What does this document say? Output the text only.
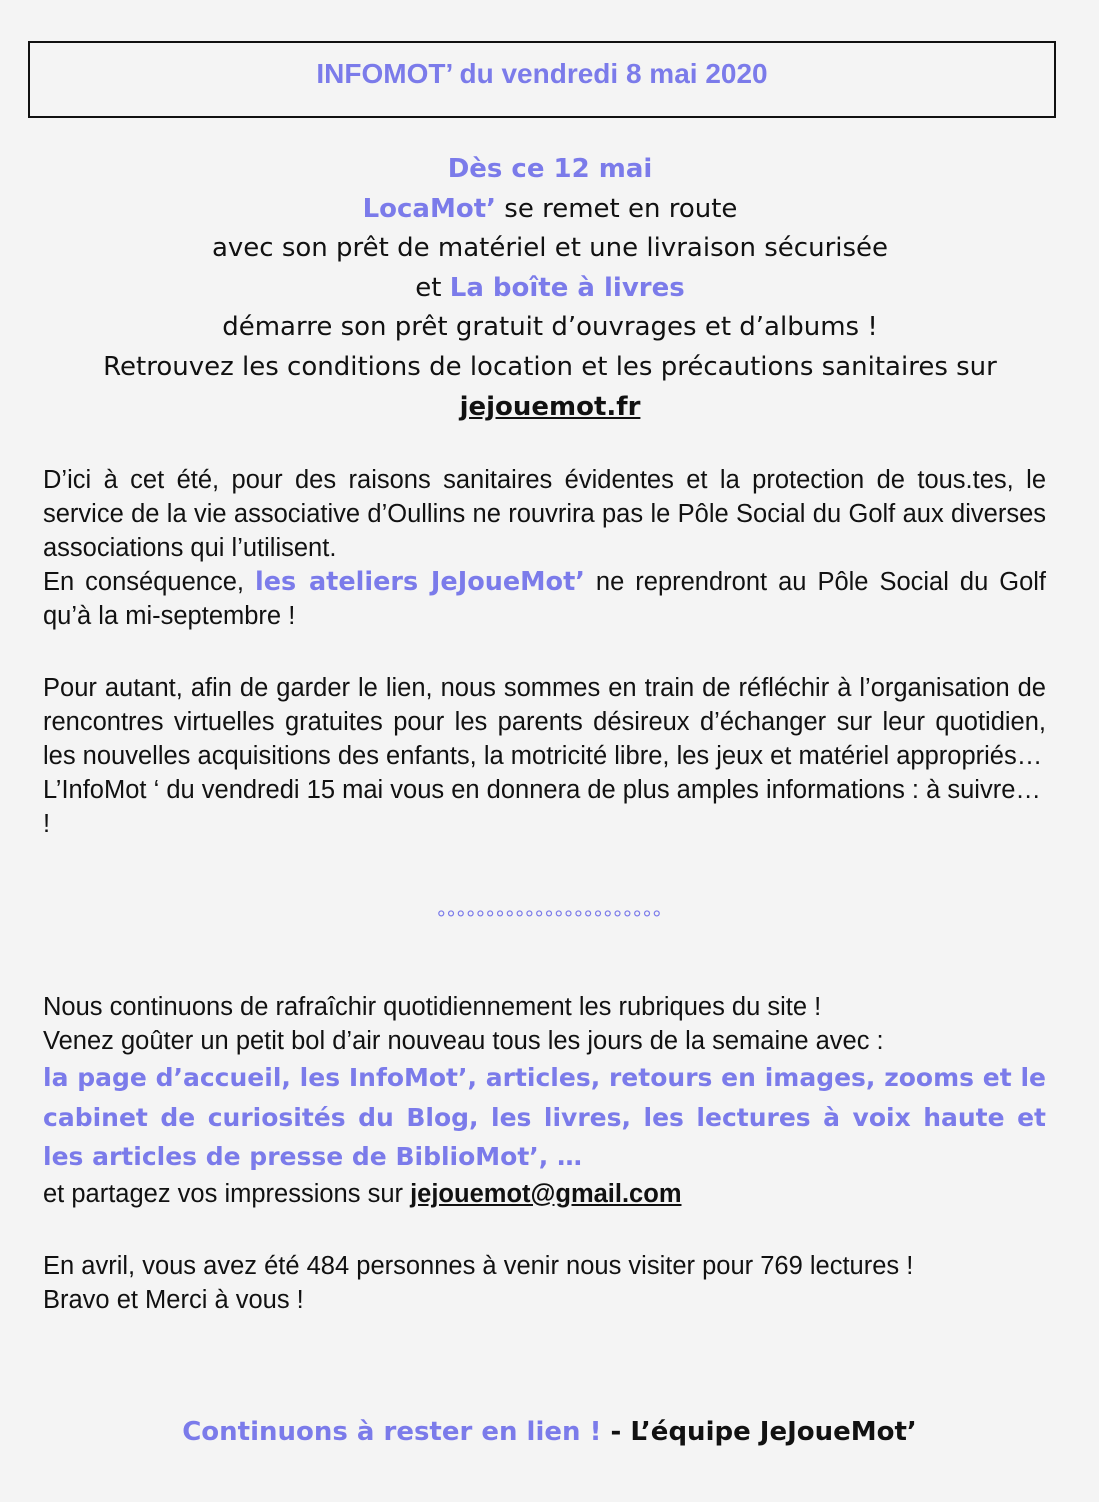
INFOMOT’ du vendredi 8 mai 2020
Dès ce 12 mai
LocaMot’ se remet en route
avec son prêt de matériel et une livraison sécurisée
et La boîte à livres
démarre son prêt gratuit d’ouvrages et d’albums !
Retrouvez les conditions de location et les précautions sanitaires sur
jejouemot.fr

D’ici à cet été, pour des raisons sanitaires évidentes et la protection de tous.tes, le service de la vie associative d’Oullins ne rouvrira pas le Pôle Social du Golf aux diverses associations qui l’utilisent.

En conséquence, les ateliers JeJoueMot’ ne reprendront au Pôle Social du Golf qu’à la mi-septembre !

Pour autant, afin de garder le lien, nous sommes en train de réfléchir à l’organisation de rencontres virtuelles gratuites pour les parents désireux d’échanger sur leur quotidien, les nouvelles acquisitions des enfants, la motricité libre, les jeux et matériel appropriés…

L’InfoMot ‘ du vendredi 15 mai vous en donnera de plus amples informations : à suivre… !

°°°°°°°°°°°°°°°°°°°°°°°

Nous continuons de rafraîchir quotidiennement les rubriques du site !

Venez goûter un petit bol d’air nouveau tous les jours de la semaine avec :

la page d’accueil, les InfoMot’, articles, retours en images, zooms et le cabinet de curiosités du Blog, les livres, les lectures à voix haute et les articles de presse de BiblioMot’, …

et partagez vos impressions sur jejouemot@gmail.com

En avril, vous avez été 484 personnes à venir nous visiter pour 769 lectures !

Bravo et Merci à vous !

Continuons à rester en lien ! - L’équipe JeJoueMot’
